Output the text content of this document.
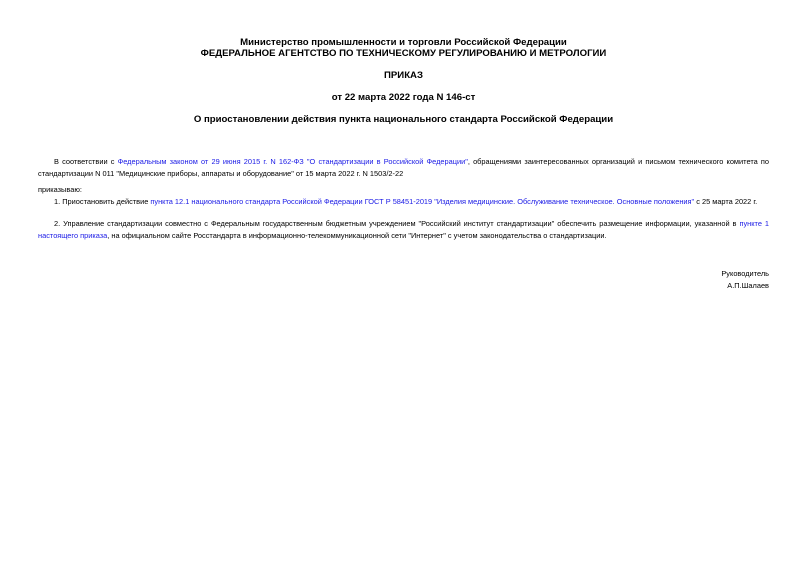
Министерство промышленности и торговли Российской Федерации
ФЕДЕРАЛЬНОЕ АГЕНТСТВО ПО ТЕХНИЧЕСКОМУ РЕГУЛИРОВАНИЮ И МЕТРОЛОГИИ
ПРИКАЗ
от 22 марта 2022 года N 146-ст
О приостановлении действия пункта национального стандарта Российской Федерации
В соответствии с Федеральным законом от 29 июня 2015 г. N 162-ФЗ "О стандартизации в Российской Федерации", обращениями заинтересованных организаций и письмом технического комитета по стандартизации N 011 "Медицинские приборы, аппараты и оборудование" от 15 марта 2022 г. N 1503/2-22
приказываю:
1. Приостановить действие пункта 12.1 национального стандарта Российской Федерации ГОСТ Р 58451-2019 "Изделия медицинские. Обслуживание техническое. Основные положения" с 25 марта 2022 г.
2. Управление стандартизации совместно с Федеральным государственным бюджетным учреждением "Российский институт стандартизации" обеспечить размещение информации, указанной в пункте 1 настоящего приказа, на официальном сайте Росстандарта в информационно-телекоммуникационной сети "Интернет" с учетом законодательства о стандартизации.
Руководитель
А.П.Шалаев
